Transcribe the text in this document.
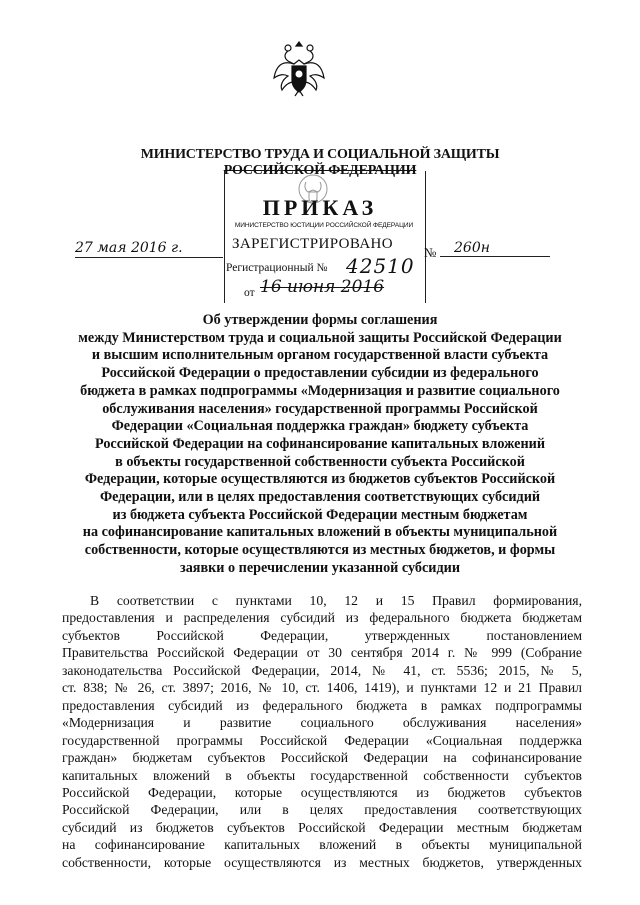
МИНИСТЕРСТВО ТРУДА И СОЦИАЛЬНОЙ ЗАЩИТЫ
РОССИЙСКОЙ ФЕДЕРАЦИИ
ПРИКАЗ
МИНИСТЕРСТВО ЮСТИЦИИ РОССИЙСКОЙ ФЕДЕРАЦИИ
ЗАРЕГИСТРИРОВАНО
Регистрационный № 42510
от 16 июня 2016
27 мая 2016 г.	№	260н
Об утверждении формы соглашения
между Министерством труда и социальной защиты Российской Федерации
и высшим исполнительным органом государственной власти субъекта
Российской Федерации о предоставлении субсидии из федерального
бюджета в рамках подпрограммы «Модернизация и развитие социального
обслуживания населения» государственной программы Российской
Федерации «Социальная поддержка граждан» бюджету субъекта
Российской Федерации на софинансирование капитальных вложений
в объекты государственной собственности субъекта Российской
Федерации, которые осуществляются из бюджетов субъектов Российской
Федерации, или в целях предоставления соответствующих субсидий
из бюджета субъекта Российской Федерации местным бюджетам
на софинансирование капитальных вложений в объекты муниципальной
собственности, которые осуществляются из местных бюджетов, и формы
заявки о перечислении указанной субсидии
В соответствии с пунктами 10, 12 и 15 Правил формирования,
предоставления и распределения субсидий из федерального бюджета бюджетам
субъектов Российской Федерации, утвержденных постановлением
Правительства Российской Федерации от 30 сентября 2014 г. № 999 (Собрание
законодательства Российской Федерации, 2014, № 41, ст. 5536; 2015, № 5,
ст. 838; № 26, ст. 3897; 2016, № 10, ст. 1406, 1419), и пунктами 12 и 21 Правил
предоставления субсидий из федерального бюджета в рамках подпрограммы
«Модернизация и развитие социального обслуживания населения»
государственной программы Российской Федерации «Социальная поддержка
граждан» бюджетам субъектов Российской Федерации на софинансирование
капитальных вложений в объекты государственной собственности субъектов
Российской Федерации, которые осуществляются из бюджетов субъектов
Российской Федерации, или в целях предоставления соответствующих
субсидий из бюджетов субъектов Российской Федерации местным бюджетам
на софинансирование капитальных вложений в объекты муниципальной
собственности, которые осуществляются из местных бюджетов, утвержденных
